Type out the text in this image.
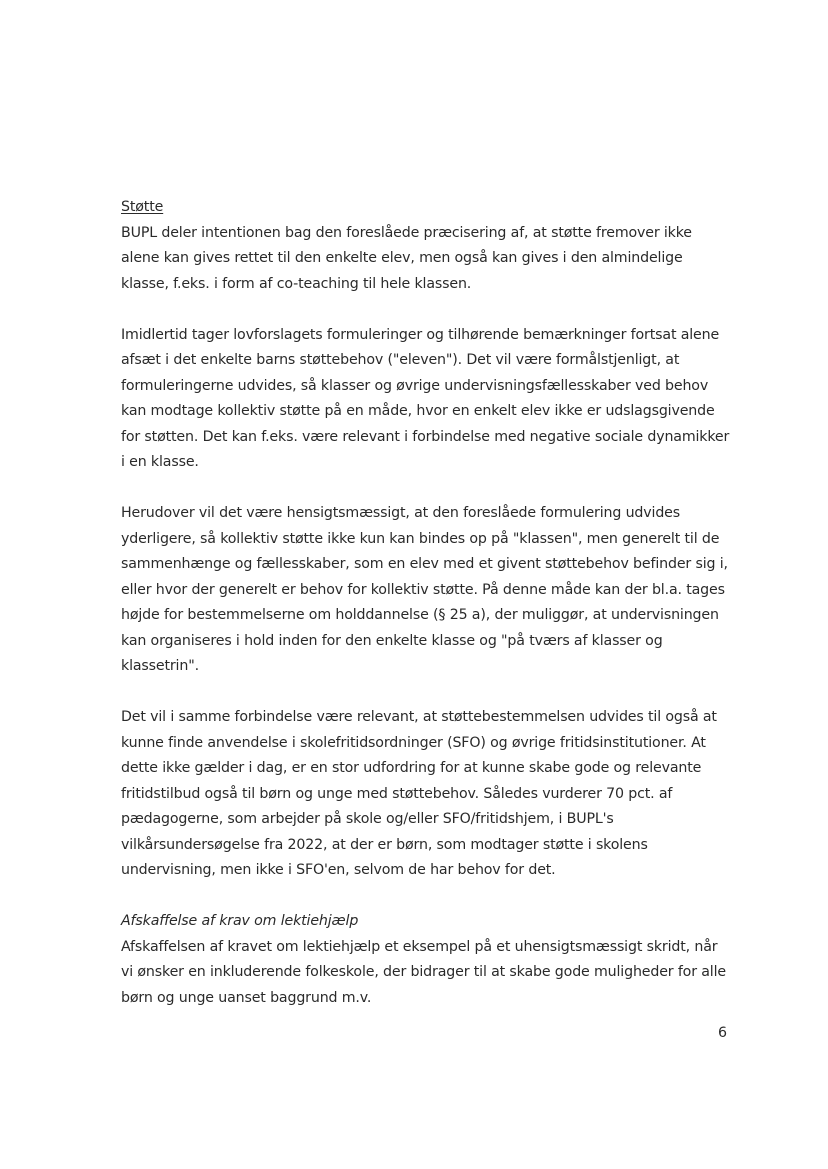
Støtte

BUPL deler intentionen bag den foreslåede præcisering af, at støtte fremover ikke alene kan gives rettet til den enkelte elev, men også kan gives i den almindelige klasse, f.eks. i form af co-teaching til hele klassen.

Imidlertid tager lovforslagets formuleringer og tilhørende bemærkninger fortsat alene afsæt i det enkelte barns støttebehov ("eleven"). Det vil være formålstjenligt, at formuleringerne udvides, så klasser og øvrige undervisningsfællesskaber ved behov kan modtage kollektiv støtte på en måde, hvor en enkelt elev ikke er udslagsgivende for støtten. Det kan f.eks. være relevant i forbindelse med negative sociale dynamikker i en klasse.

Herudover vil det være hensigtsmæssigt, at den foreslåede formulering udvides yderligere, så kollektiv støtte ikke kun kan bindes op på "klassen", men generelt til de sammenhænge og fællesskaber, som en elev med et givent støttebehov befinder sig i, eller hvor der generelt er behov for kollektiv støtte. På denne måde kan der bl.a. tages højde for bestemmelserne om holddannelse (§ 25 a), der muliggør, at undervisningen kan organiseres i hold inden for den enkelte klasse og "på tværs af klasser og klassetrin".

Det vil i samme forbindelse være relevant, at støttebestemmelsen udvides til også at kunne finde anvendelse i skolefritidsordninger (SFO) og øvrige fritidsinstitutioner. At dette ikke gælder i dag, er en stor udfordring for at kunne skabe gode og relevante fritidstilbud også til børn og unge med støttebehov. Således vurderer 70 pct. af pædagogerne, som arbejder på skole og/eller SFO/fritidshjem, i BUPL's vilkårsundersøgelse fra 2022, at der er børn, som modtager støtte i skolens undervisning, men ikke i SFO'en, selvom de har behov for det.

Afskaffelse af krav om lektiehjælp

Afskaffelsen af kravet om lektiehjælp et eksempel på et uhensigtsmæssigt skridt, når vi ønsker en inkluderende folkeskole, der bidrager til at skabe gode muligheder for alle børn og unge uanset baggrund m.v.

6
